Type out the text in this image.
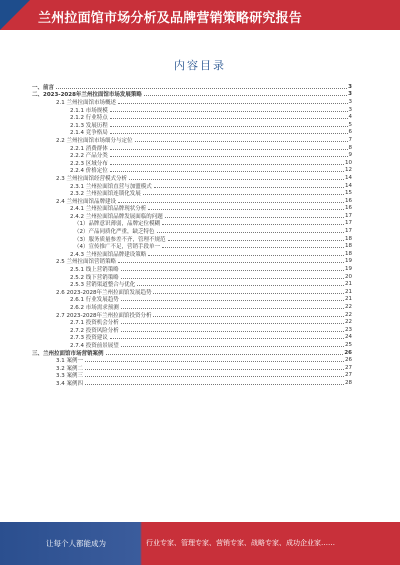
兰州拉面馆市场分析及品牌营销策略研究报告
内容目录
一、前言	3
二、2023-2028年兰州拉面馆市场发展策略	3
2.1 兰州拉面馆市场概述	3
2.1.1 市场规模	3
2.1.2 行业特点	4
2.1.3 发展历程	5
2.1.4 竞争格局	6
2.2 兰州拉面馆市场细分与定位	7
2.2.1 消费群体	8
2.2.2 产品分类	9
2.2.3 区域分布	10
2.2.4 价格定位	12
2.3 兰州拉面馆经营模式分析	14
2.3.1 兰州拉面馆直营与加盟模式	14
2.3.2 兰州拉面馆连锁化发展	15
2.4 兰州拉面馆品牌建设	16
2.4.1 兰州拉面馆品牌现状分析	16
2.4.2 兰州拉面馆品牌发展面临的问题	17
（1）品牌意识薄弱，品牌定位模糊	17
（2）产品同质化严重，缺乏特色	17
（3）服务质量参差不齐，管理不规范	18
（4）宣传推广不足，营销手段单一	18
2.4.3 兰州拉面馆品牌建设策略	18
2.5 兰州拉面馆营销策略	19
2.5.1 线上营销策略	19
2.5.2 线下营销策略	20
2.5.3 营销渠道整合与优化	21
2.6 2023-2028年兰州拉面馆发展趋势	21
2.6.1 行业发展趋势	21
2.6.2 市场需求预测	22
2.7 2023-2028年兰州拉面馆投资分析	22
2.7.1 投资机会分析	22
2.7.2 投资风险分析	23
2.7.3 投资建议	24
2.7.4 投资前景展望	25
三、兰州拉面馆市场营销案例	26
3.1 案例一	26
3.2 案例二	27
3.3 案例三	27
3.4 案例四	28
让每个人都能成为	行业专家、管理专家、营销专家、战略专家、成功企业家……
